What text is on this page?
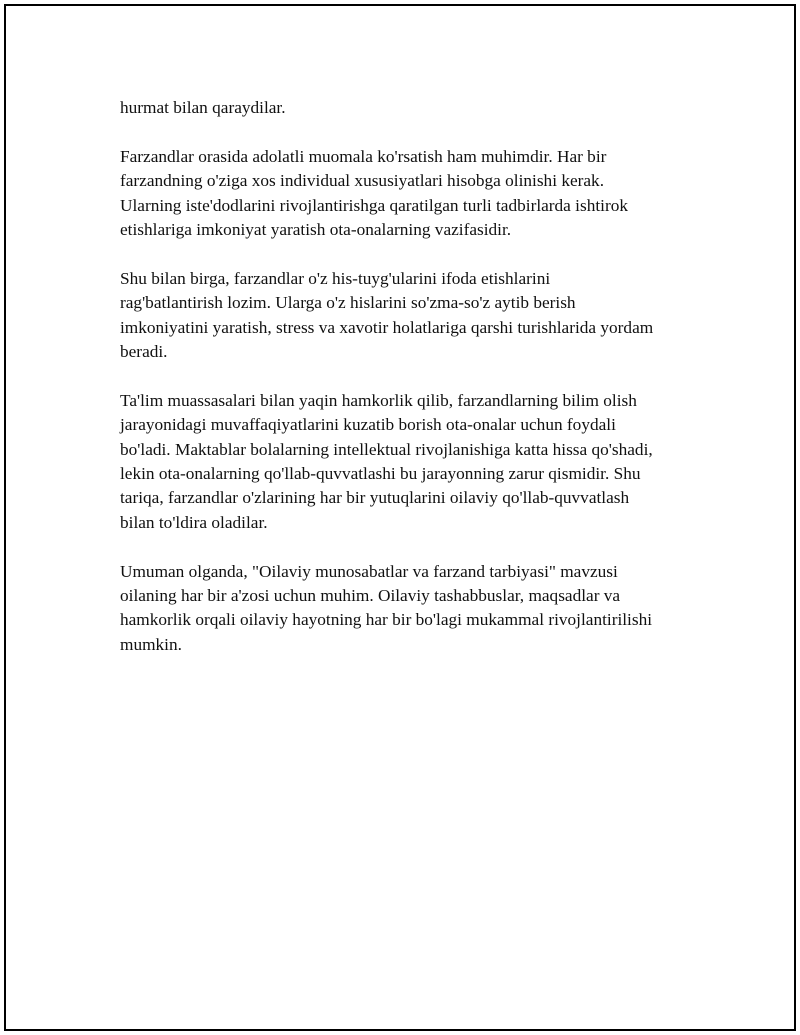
hurmat bilan qaraydilar.

Farzandlar orasida adolatli muomala ko'rsatish ham muhimdir. Har bir
farzandning o'ziga xos individual xususiyatlari hisobga olinishi kerak.
Ularning iste'dodlarini rivojlantirishga qaratilgan turli tadbirlarda ishtirok
etishlariga imkoniyat yaratish ota-onalarning vazifasidir.

Shu bilan birga, farzandlar o'z his-tuyg'ularini ifoda etishlarini
rag'batlantirish lozim. Ularga o'z hislarini so'zma-so'z aytib berish
imkoniyatini yaratish, stress va xavotir holatlariga qarshi turishlarida yordam
beradi.

Ta'lim muassasalari bilan yaqin hamkorlik qilib, farzandlarning bilim olish
jarayonidagi muvaffaqiyatlarini kuzatib borish ota-onalar uchun foydali
bo'ladi. Maktablar bolalarning intellektual rivojlanishiga katta hissa qo'shadi,
lekin ota-onalarning qo'llab-quvvatlashi bu jarayonning zarur qismidir. Shu
tariqa, farzandlar o'zlarining har bir yutuqlarini oilaviy qo'llab-quvvatlash
bilan to'ldira oladilar.

Umuman olganda, "Oilaviy munosabatlar va farzand tarbiyasi" mavzusi
oilaning har bir a'zosi uchun muhim. Oilaviy tashabbuslar, maqsadlar va
hamkorlik orqali oilaviy hayotning har bir bo'lagi mukammal rivojlantirilishi
mumkin.
